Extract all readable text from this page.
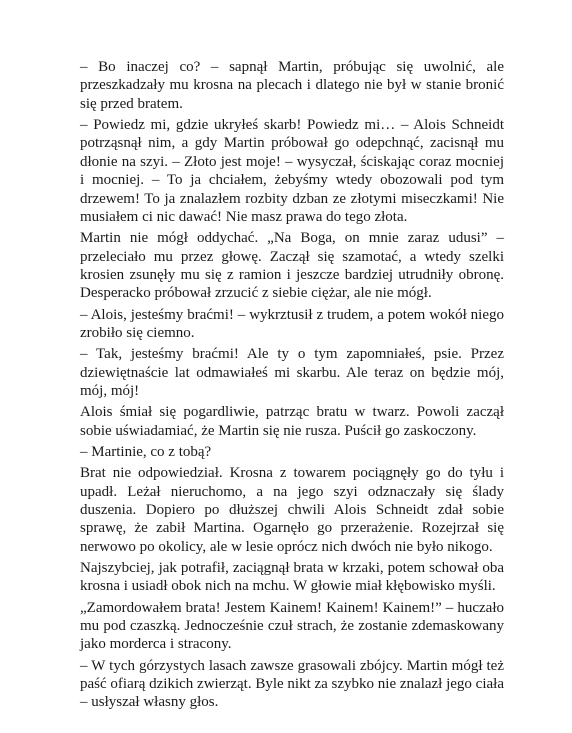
– Bo inaczej co? – sapnął Martin, próbując się uwolnić, ale przeszkadzały mu krosna na plecach i dlatego nie był w stanie bronić się przed bratem.

– Powiedz mi, gdzie ukryłeś skarb! Powiedz mi… – Alois Schneidt potrząsnął nim, a gdy Martin próbował go odepchnąć, zacisnął mu dłonie na szyi. – Złoto jest moje! – wysyczał, ściskając coraz mocniej i mocniej. – To ja chciałem, żebyśmy wtedy obozowali pod tym drzewem! To ja znalazłem rozbity dzban ze złotymi miseczkami! Nie musiałem ci nic dawać! Nie masz prawa do tego złota.

Martin nie mógł oddychać. „Na Boga, on mnie zaraz udusi” – przeleciało mu przez głowę. Zaczął się szamotać, a wtedy szelki krosien zsunęły mu się z ramion i jeszcze bardziej utrudniły obronę. Desperacko próbował zrzucić z siebie ciężar, ale nie mógł.

– Alois, jesteśmy braćmi! – wykrztusił z trudem, a potem wokół niego zrobiło się ciemno.

– Tak, jesteśmy braćmi! Ale ty o tym zapomniałeś, psie. Przez dziewiętnaście lat odmawiałeś mi skarbu. Ale teraz on będzie mój, mój, mój!

Alois śmiał się pogardliwie, patrząc bratu w twarz. Powoli zaczął sobie uświadamiać, że Martin się nie rusza. Puścił go zaskoczony.

– Martinie, co z tobą?

Brat nie odpowiedział. Krosna z towarem pociągnęły go do tyłu i upadł. Leżał nieruchomo, a na jego szyi odznaczały się ślady duszenia. Dopiero po dłuższej chwili Alois Schneidt zdał sobie sprawę, że zabił Martina. Ogarnęło go przerażenie. Rozejrzał się nerwowo po okolicy, ale w lesie oprócz nich dwóch nie było nikogo.

Najszybciej, jak potrafił, zaciągnął brata w krzaki, potem schował oba krosna i usiadł obok nich na mchu. W głowie miał kłębowisko myśli.

„Zamordowałem brata! Jestem Kainem! Kainem! Kainem!” – huczało mu pod czaszką. Jednocześnie czuł strach, że zostanie zdemaskowany jako morderca i stracony.

– W tych górzystych lasach zawsze grasowali zbójcy. Martin mógł też paść ofiarą dzikich zwierząt. Byle nikt za szybko nie znalazł jego ciała – usłyszał własny głos.
